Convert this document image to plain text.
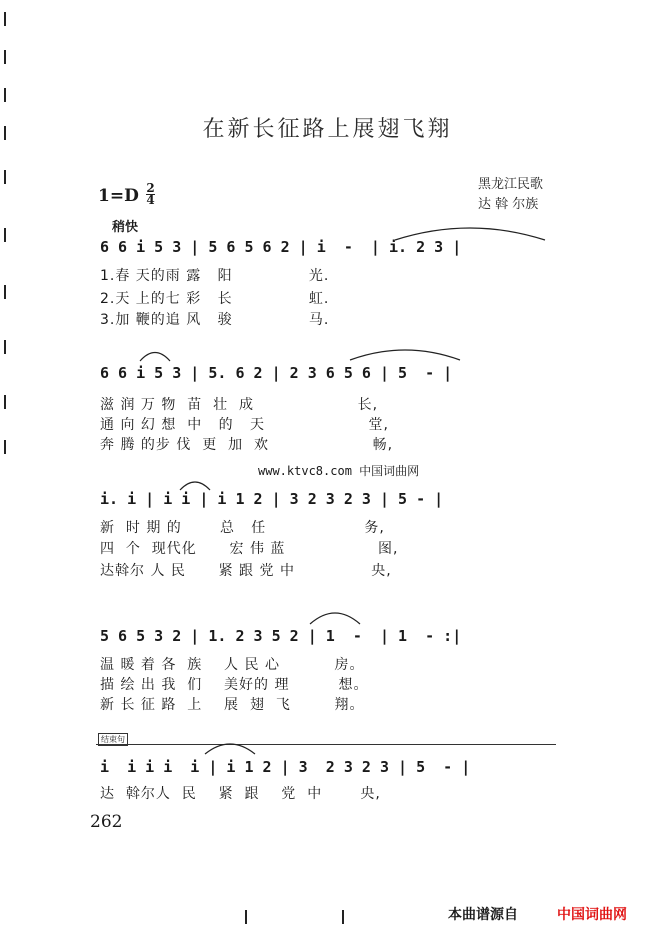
在新长征路上展翅飞翔
黑龙江民歌
达 斡 尔族
1=D 2
4
稍快
6 6 i 5 3 | 5 6 5 6 2 | i  -  | i. 2 3 |
1.春 天的雨 露   阳              光.
2.天 上的七 彩   长              虹.
3.加 鞭的追 风   骏              马.
6 6 i 5 3 | 5. 6 2 | 2 3 6 5 6 | 5  - |
滋 润 万 物  苗  壮  成                   长,
通 向 幻 想  中   的   天                   堂,
奔 腾 的步 伐  更  加  欢                   畅,
www.ktvc8.com 中国词曲网
i. i | i i | i 1 2 | 3 2 3 2 3 | 5 - |
新  时 期 的       总   任                  务,
四  个  现代化      宏 伟 蓝                 图,
达斡尔 人 民      紧 跟 党 中              央,
5 6 5 3 2 | 1. 2 3 5 2 | 1  -  | 1  - :|
温 暖 着 各  族    人 民 心          房。
描 绘 出 我  们    美好的 理         想。
新 长 征 路  上    展  翅  飞        翔。
结束句
i  i i i  i | i 1 2 | 3  2 3 2 3 | 5  - |
达  斡尔人  民    紧  跟    党  中       央,
262
本曲谱源自	中国词曲网
